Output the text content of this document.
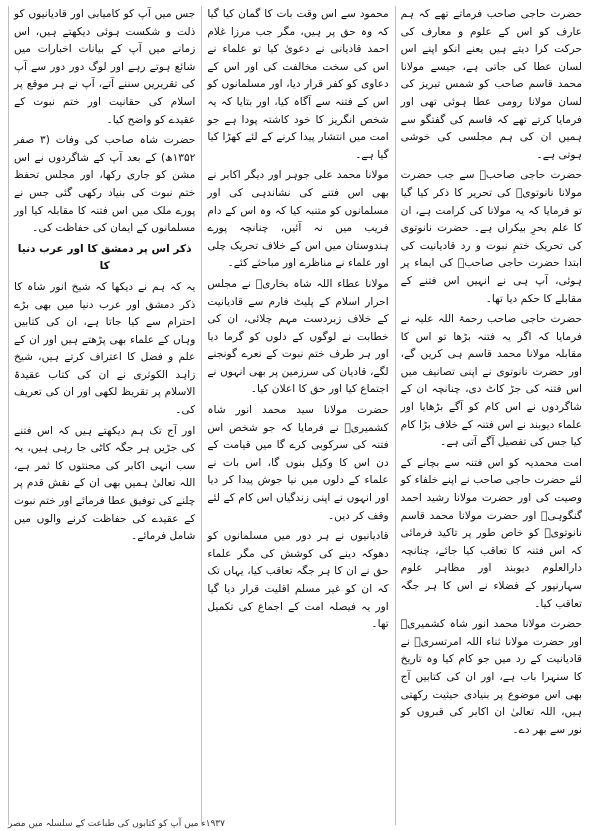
حضرت حاجی صاحب فرماتے تھے کہ ہم عارف کو اس کے علوم و معارف کی حرکت کرا دیتے ہیں یعنے انکو اپنے اس لسان عطا کی جاتی ہے، جیسے مولانا محمد قاسم صاحب کو شمس تبریز کی لسان مولانا رومی عطا ہوئی تھی اور فرمایا کرتے تھے کہ قاسم کی گفتگو سے ہمیں ان کی ہم مجلسی کی خوشی ہوتی ہے۔

حضرت حاجی صاحبؒ سے جب حضرت مولانا نانوتویؒ کی تحریر کا ذکر کیا گیا تو فرمایا کہ یہ مولانا کی کرامت ہے، ان کا علم بحرِ بیکراں ہے۔ حضرت نانوتوی کی تحریک ختمِ نبوت و رد قادیانیت کی ابتدا حضرت حاجی صاحبؒ کی ایماء پر ہوئی، آپ ہی نے انہیں اس فتنے کے مقابلے کا حکم دیا تھا۔

حضرت حاجی صاحب رحمۃ اللہ علیہ نے فرمایا کہ اگر یہ فتنہ بڑھا تو اس کا مقابلہ مولانا محمد قاسم ہی کریں گے، اور حضرت نانوتوی نے اپنی تصانیف میں اس فتنہ کی جڑ کاٹ دی، چنانچہ ان کے شاگردوں نے اس کام کو آگے بڑھایا اور علماء دیوبند نے اس فتنہ کے خلاف بڑا کام کیا جس کی تفصیل آگے آتی ہے۔

امت محمدیہ کو اس فتنہ سے بچانے کے لئے حضرت حاجی صاحب نے اپنے خلفاء کو وصیت کی اور حضرت مولانا رشید احمد گنگوہیؒ اور حضرت مولانا محمد قاسم نانوتویؒ کو خاص طور پر تاکید فرمائی کہ اس فتنہ کا تعاقب کیا جائے، چنانچہ دارالعلوم دیوبند اور مظاہر علوم سہارنپور کے فضلاء نے اس کا ہر جگہ تعاقب کیا۔

حضرت مولانا محمد انور شاہ کشمیریؒ اور حضرت مولانا ثناء اللہ امرتسریؒ نے قادیانیت کے رد میں جو کام کیا وہ تاریخ کا سنہرا باب ہے، اور ان کی کتابیں آج بھی اس موضوع پر بنیادی حیثیت رکھتی ہیں، اللہ تعالیٰ ان اکابر کی قبروں کو نور سے بھر دے۔

محمود سے اس وقت بات کا گمان کیا گیا کہ وہ حق پر ہیں، مگر جب مرزا غلام احمد قادیانی نے دعویٰ کیا تو علماء نے اس کی سخت مخالفت کی اور اس کے دعاوی کو کفر قرار دیا، اور مسلمانوں کو اس کے فتنہ سے آگاہ کیا، اور بتایا کہ یہ شخص انگریز کا خود کاشتہ پودا ہے جو امت میں انتشار پیدا کرنے کے لئے کھڑا کیا گیا ہے۔

مولانا محمد علی جوہر اور دیگر اکابر نے بھی اس فتنے کی نشاندہی کی اور مسلمانوں کو متنبہ کیا کہ وہ اس کے دام فریب میں نہ آئیں، چنانچہ پورے ہندوستان میں اس کے خلاف تحریک چلی اور علماء نے مناظرے اور مباحثے کئے۔

مولانا عطاء اللہ شاہ بخاریؒ نے مجلس احرار اسلام کے پلیٹ فارم سے قادیانیت کے خلاف زبردست مہم چلائی، ان کی خطابت نے لوگوں کے دلوں کو گرما دیا اور ہر طرف ختم نبوت کے نعرے گونجنے لگے، قادیان کی سرزمین پر بھی انہوں نے اجتماع کیا اور حق کا اعلان کیا۔

حضرت مولانا سید محمد انور شاہ کشمیریؒ نے فرمایا کہ جو شخص اس فتنہ کی سرکوبی کرے گا میں قیامت کے دن اس کا وکیل بنوں گا، اس بات نے علماء کے دلوں میں نیا جوش پیدا کر دیا اور انہوں نے اپنی زندگیاں اس کام کے لئے وقف کر دیں۔

قادیانیوں نے ہر دور میں مسلمانوں کو دھوکہ دینے کی کوشش کی مگر علماء حق نے ان کا ہر جگہ تعاقب کیا، یہاں تک کہ ان کو غیر مسلم اقلیت قرار دیا گیا اور یہ فیصلہ امت کے اجماع کی تکمیل تھا۔

جس میں آپ کو کامیابی اور قادیانیوں کو ذلت و شکست ہوئی دیکھتے ہیں، اس زمانے میں آپ کے بیانات اخبارات میں شائع ہوتے رہے اور لوگ دور دور سے آپ کی تقریریں سننے آتے، آپ نے ہر موقع پر اسلام کی حقانیت اور ختم نبوت کے عقیدے کو واضح کیا۔

حضرت شاہ صاحب کی وفات (۳ صفر ۱۳۵۲ھ) کے بعد آپ کے شاگردوں نے اس مشن کو جاری رکھا، اور مجلس تحفظ ختم نبوت کی بنیاد رکھی گئی جس نے پورے ملک میں اس فتنہ کا مقابلہ کیا اور مسلمانوں کے ایمان کی حفاظت کی۔

ذکر اس پر دمشق کا اور عرب دنیا کا

یہ کہ ہم نے دیکھا کہ شیخ انور شاہ کا ذکر دمشق اور عرب دنیا میں بھی بڑے احترام سے کیا جاتا ہے، ان کی کتابیں وہاں کے علماء بھی پڑھتے ہیں اور ان کے علم و فضل کا اعتراف کرتے ہیں، شیخ زاہد الکوثری نے ان کی کتاب عقیدۃ الاسلام پر تقریظ لکھی اور ان کی تعریف کی۔

اور آج تک ہم دیکھتے ہیں کہ اس فتنے کی جڑیں ہر جگہ کاٹی جا رہی ہیں، یہ سب انہی اکابر کی محنتوں کا ثمر ہے، اللہ تعالیٰ ہمیں بھی ان کے نقش قدم پر چلنے کی توفیق عطا فرمائے اور ختم نبوت کے عقیدے کی حفاظت کرنے والوں میں شامل فرمائے۔

۱۹۳۷ء میں آپ کو کتابوں کی طباعت کے سلسلہ میں مصر
